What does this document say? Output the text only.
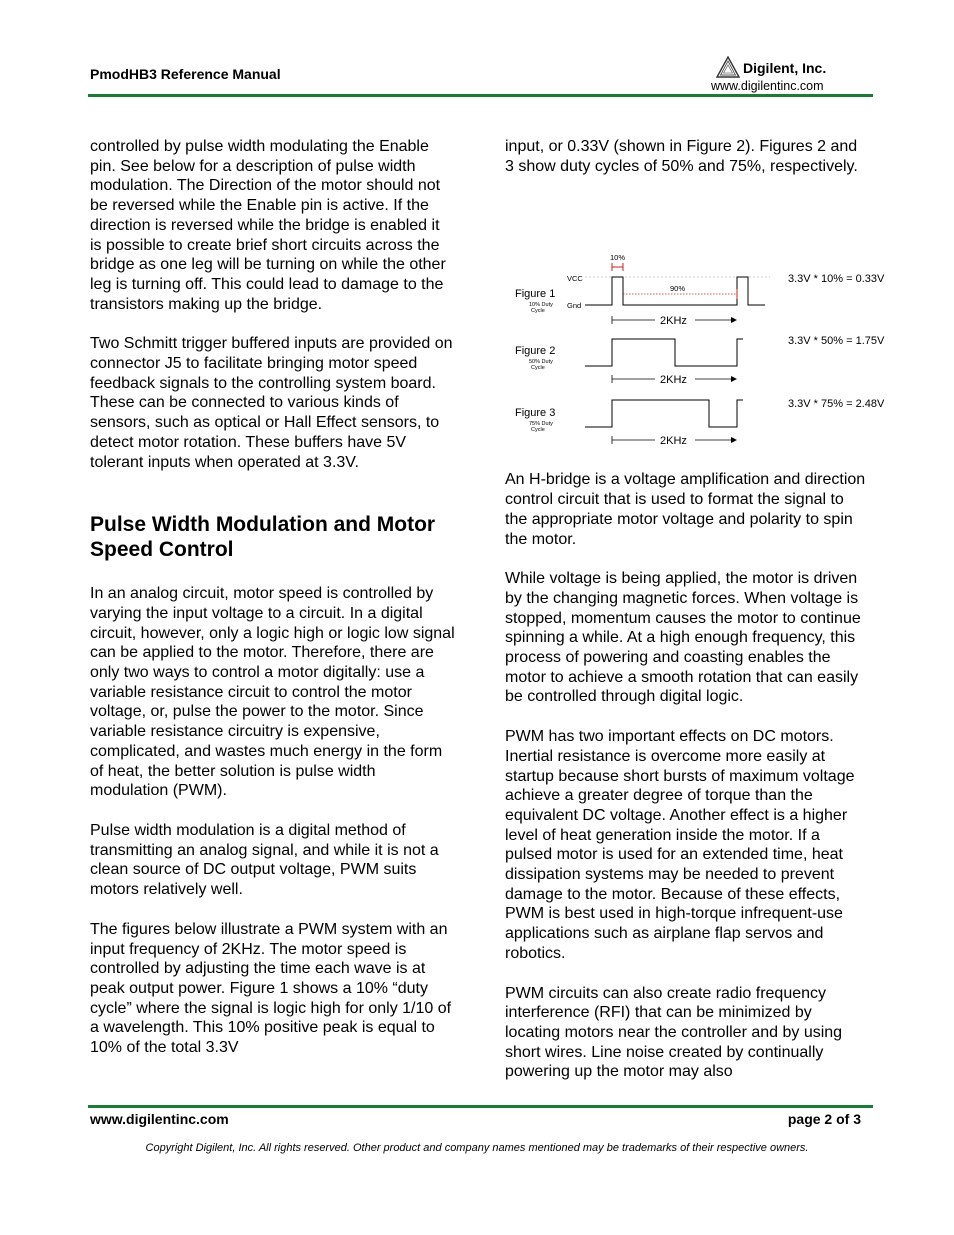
PmodHB3 Reference Manual	Digilent, Inc.
www.digilentinc.com

controlled by pulse width modulating the Enable pin. See below for a description of pulse width modulation. The Direction of the motor should not be reversed while the Enable pin is active. If the direction is reversed while the bridge is enabled it is possible to create brief short circuits across the bridge as one leg will be turning on while the other leg is turning off. This could lead to damage to the transistors making up the bridge.

Two Schmitt trigger buffered inputs are provided on connector J5 to facilitate bringing motor speed feedback signals to the controlling system board. These can be connected to various kinds of sensors, such as optical or Hall Effect sensors, to detect motor rotation. These buffers have 5V tolerant inputs when operated at 3.3V.

Pulse Width Modulation and Motor Speed Control

In an analog circuit, motor speed is controlled by varying the input voltage to a circuit. In a digital circuit, however, only a logic high or logic low signal can be applied to the motor. Therefore, there are only two ways to control a motor digitally: use a variable resistance circuit to control the motor voltage, or, pulse the power to the motor. Since variable resistance circuitry is expensive, complicated, and wastes much energy in the form of heat, the better solution is pulse width modulation (PWM).

Pulse width modulation is a digital method of transmitting an analog signal, and while it is not a clean source of DC output voltage, PWM suits motors relatively well.

The figures below illustrate a PWM system with an input frequency of 2KHz. The motor speed is controlled by adjusting the time each wave is at peak output power. Figure 1 shows a 10% “duty cycle” where the signal is logic high for only 1/10 of a wavelength. This 10% positive peak is equal to 10% of the total 3.3V

input, or 0.33V (shown in Figure 2). Figures 2 and 3 show duty cycles of 50% and 75%, respectively.

Figure 1
10% Duty
Cycle
VCC
Gnd
10%
90%
2KHz
3.3V * 10% = 0.33V
Figure 2
50% Duty
Cycle
2KHz
3.3V * 50% = 1.75V
Figure 3
75% Duty
Cycle
2KHz
3.3V * 75% = 2.48V

An H-bridge is a voltage amplification and direction control circuit that is used to format the signal to the appropriate motor voltage and polarity to spin the motor.

While voltage is being applied, the motor is driven by the changing magnetic forces. When voltage is stopped, momentum causes the motor to continue spinning a while. At a high enough frequency, this process of powering and coasting enables the motor to achieve a smooth rotation that can easily be controlled through digital logic.

PWM has two important effects on DC motors. Inertial resistance is overcome more easily at startup because short bursts of maximum voltage achieve a greater degree of torque than the equivalent DC voltage. Another effect is a higher level of heat generation inside the motor. If a pulsed motor is used for an extended time, heat dissipation systems may be needed to prevent damage to the motor. Because of these effects, PWM is best used in high-torque infrequent-use applications such as airplane flap servos and robotics.

PWM circuits can also create radio frequency interference (RFI) that can be minimized by locating motors near the controller and by using short wires. Line noise created by continually powering up the motor may also

www.digilentinc.com	page 2 of 3
Copyright Digilent, Inc. All rights reserved. Other product and company names mentioned may be trademarks of their respective owners.
